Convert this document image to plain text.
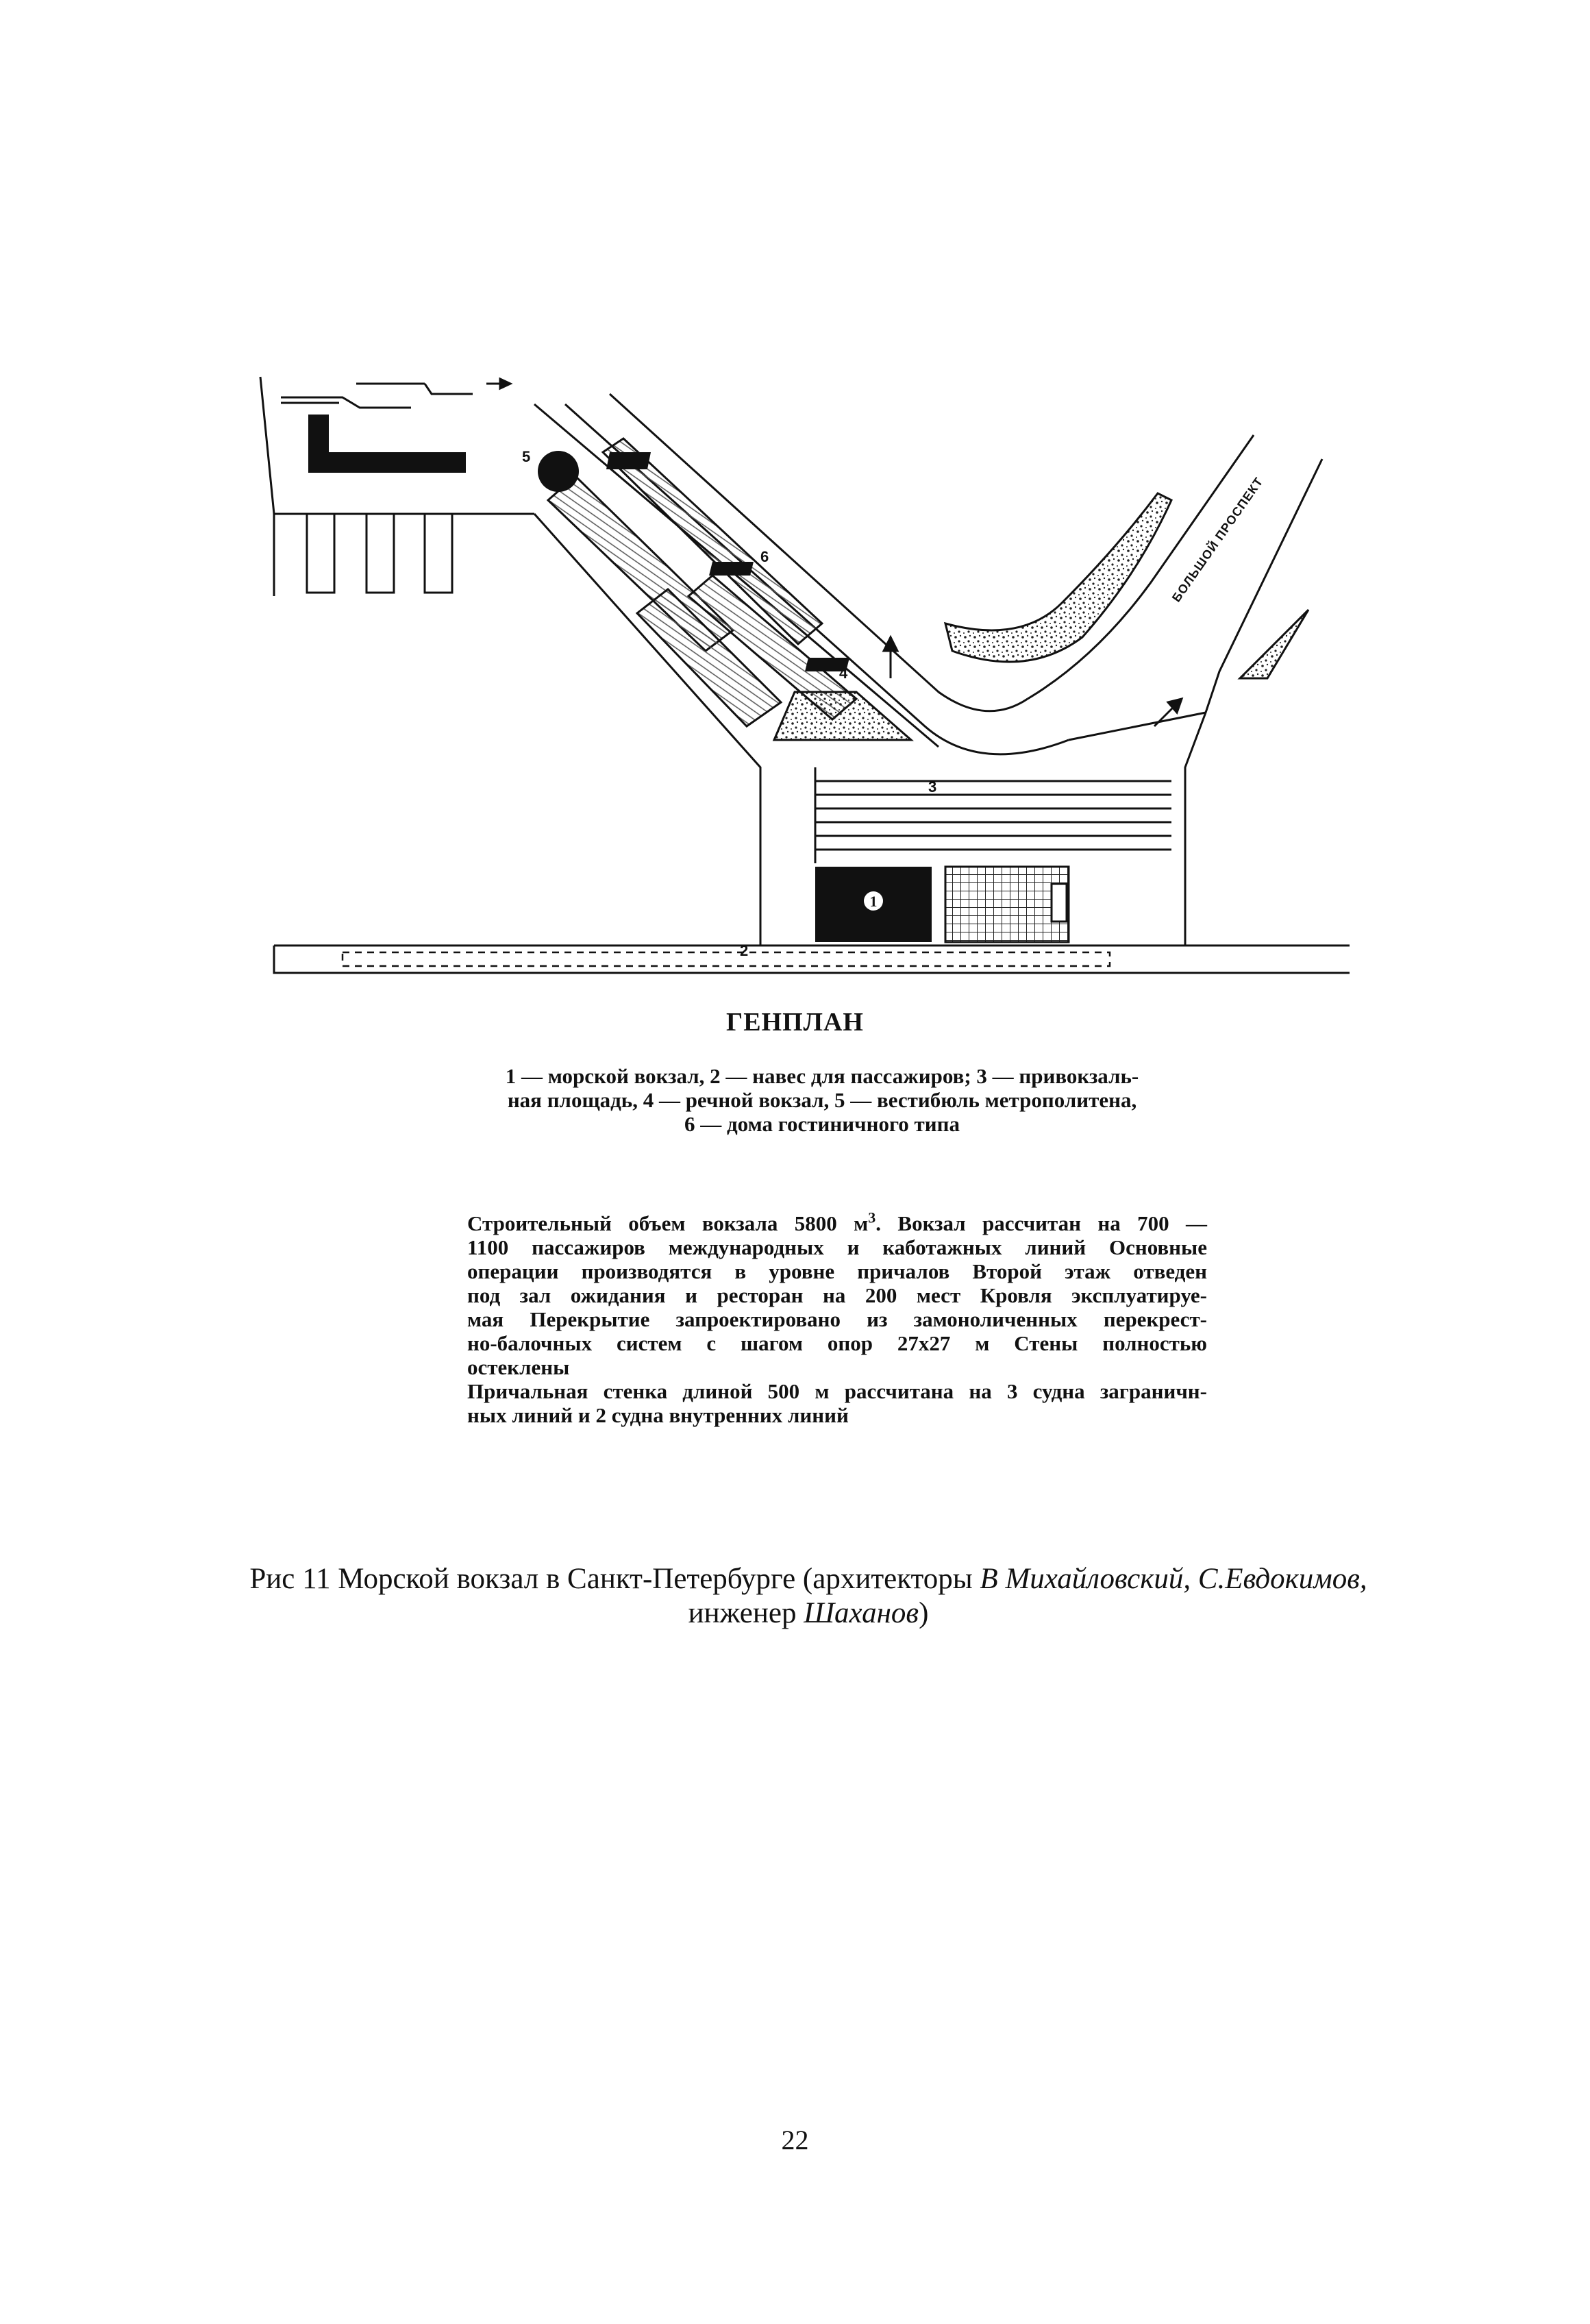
1
2
3
4
5
6	БОЛЬШОЙ ПРОСПЕКТ
ГЕНПЛАН
1 — морской вокзал, 2 — навес для пассажиров; 3 — привокзаль-
ная площадь, 4 — речной вокзал, 5 — вестибюль метрополитена,
6 — дома гостиничного типа
Строительный объем вокзала 5800 $м^3$. Вокзал рассчитан на 700 —
1100 пассажиров международных и каботажных линий Основные
операции производятся в уровне причалов Второй этаж отведен
под зал ожидания и ресторан на 200 мест Кровля эксплуатируе-
мая Перекрытие запроектировано из замоноличенных перекрест-
но-балочных систем с шагом опор 27х27 м Стены полностью
остеклены
Причальная стенка длиной 500 м рассчитана на 3 судна заграничн-
ных линий и 2 судна внутренних линий
Рис 11 Морской вокзал в Санкт-Петербурге (архитекторы В Михайловский, С.Евдокимов,
инженер Шаханов)
22
